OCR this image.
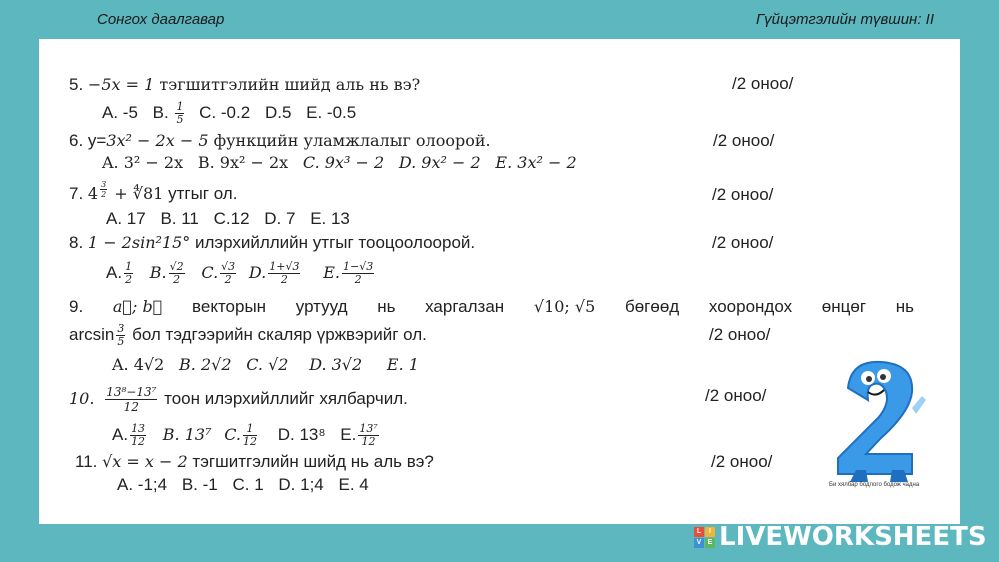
Сонгох даалгавар	Гүйцэтгэлийн түвшин: II
5. −5x = 1 тэгшитгэлийн шийд аль нь вэ?	/2 оноо/
A. -5 B. $\frac{1}{5} C$. -0.2 D.5 E. -0.5
6. y=3x² − 2x − 5 функцийн уламжлалыг олоорой.	/2 оноо/
A. 3² − 2x B. 9x² − 2x C. 9x³ − 2 D. 9x² − 2 E. 3x² − 2
7. $4 \frac{3}{2}$ + ∜81 утгыг ол.	/2 оноо/
A. 17 B. 11 C.12 D. 7 E. 13
8. 1 − 2sin²15° илэрхийллийн утгыг тооцоолоорой.	/2 оноо/
A. $\frac{1}{2} B$. $\frac{√2}{2} C$. $\frac{√3}{2} D$. $\frac{1+√3}{2} E$. $\frac{1-√3}{2}$
9. a⃗; b⃗ векторын уртууд нь харгалзан √10; √5 бөгөөд хоорондох өнцөг нь
$\arcsin \frac{3}{5}$ бол тэдгээрийн скаляр үржвэрийг ол.	/2 оноо/
A. 4√2 B. 2√2 C. √2 D. 3√2 E. 1
10. $\frac{\text{13⁸−13⁷}}{12}$ тоон илэрхийллийг хялбарчил.	/2 оноо/
A. $\frac{13}{12} B$. 13⁷ C. $\frac{1}{12} D$. 13⁸ E. $\frac{\text{13⁷}}{12}$
11. √x = x − 2 тэгшитгэлийн шийд нь аль вэ?	/2 оноо/
A. -1;4 B. -1 C. 1 D. 1;4 E. 4	Би хялбар бодлого бодож чадна
L	I
V E LIVEWORKSHEETS
